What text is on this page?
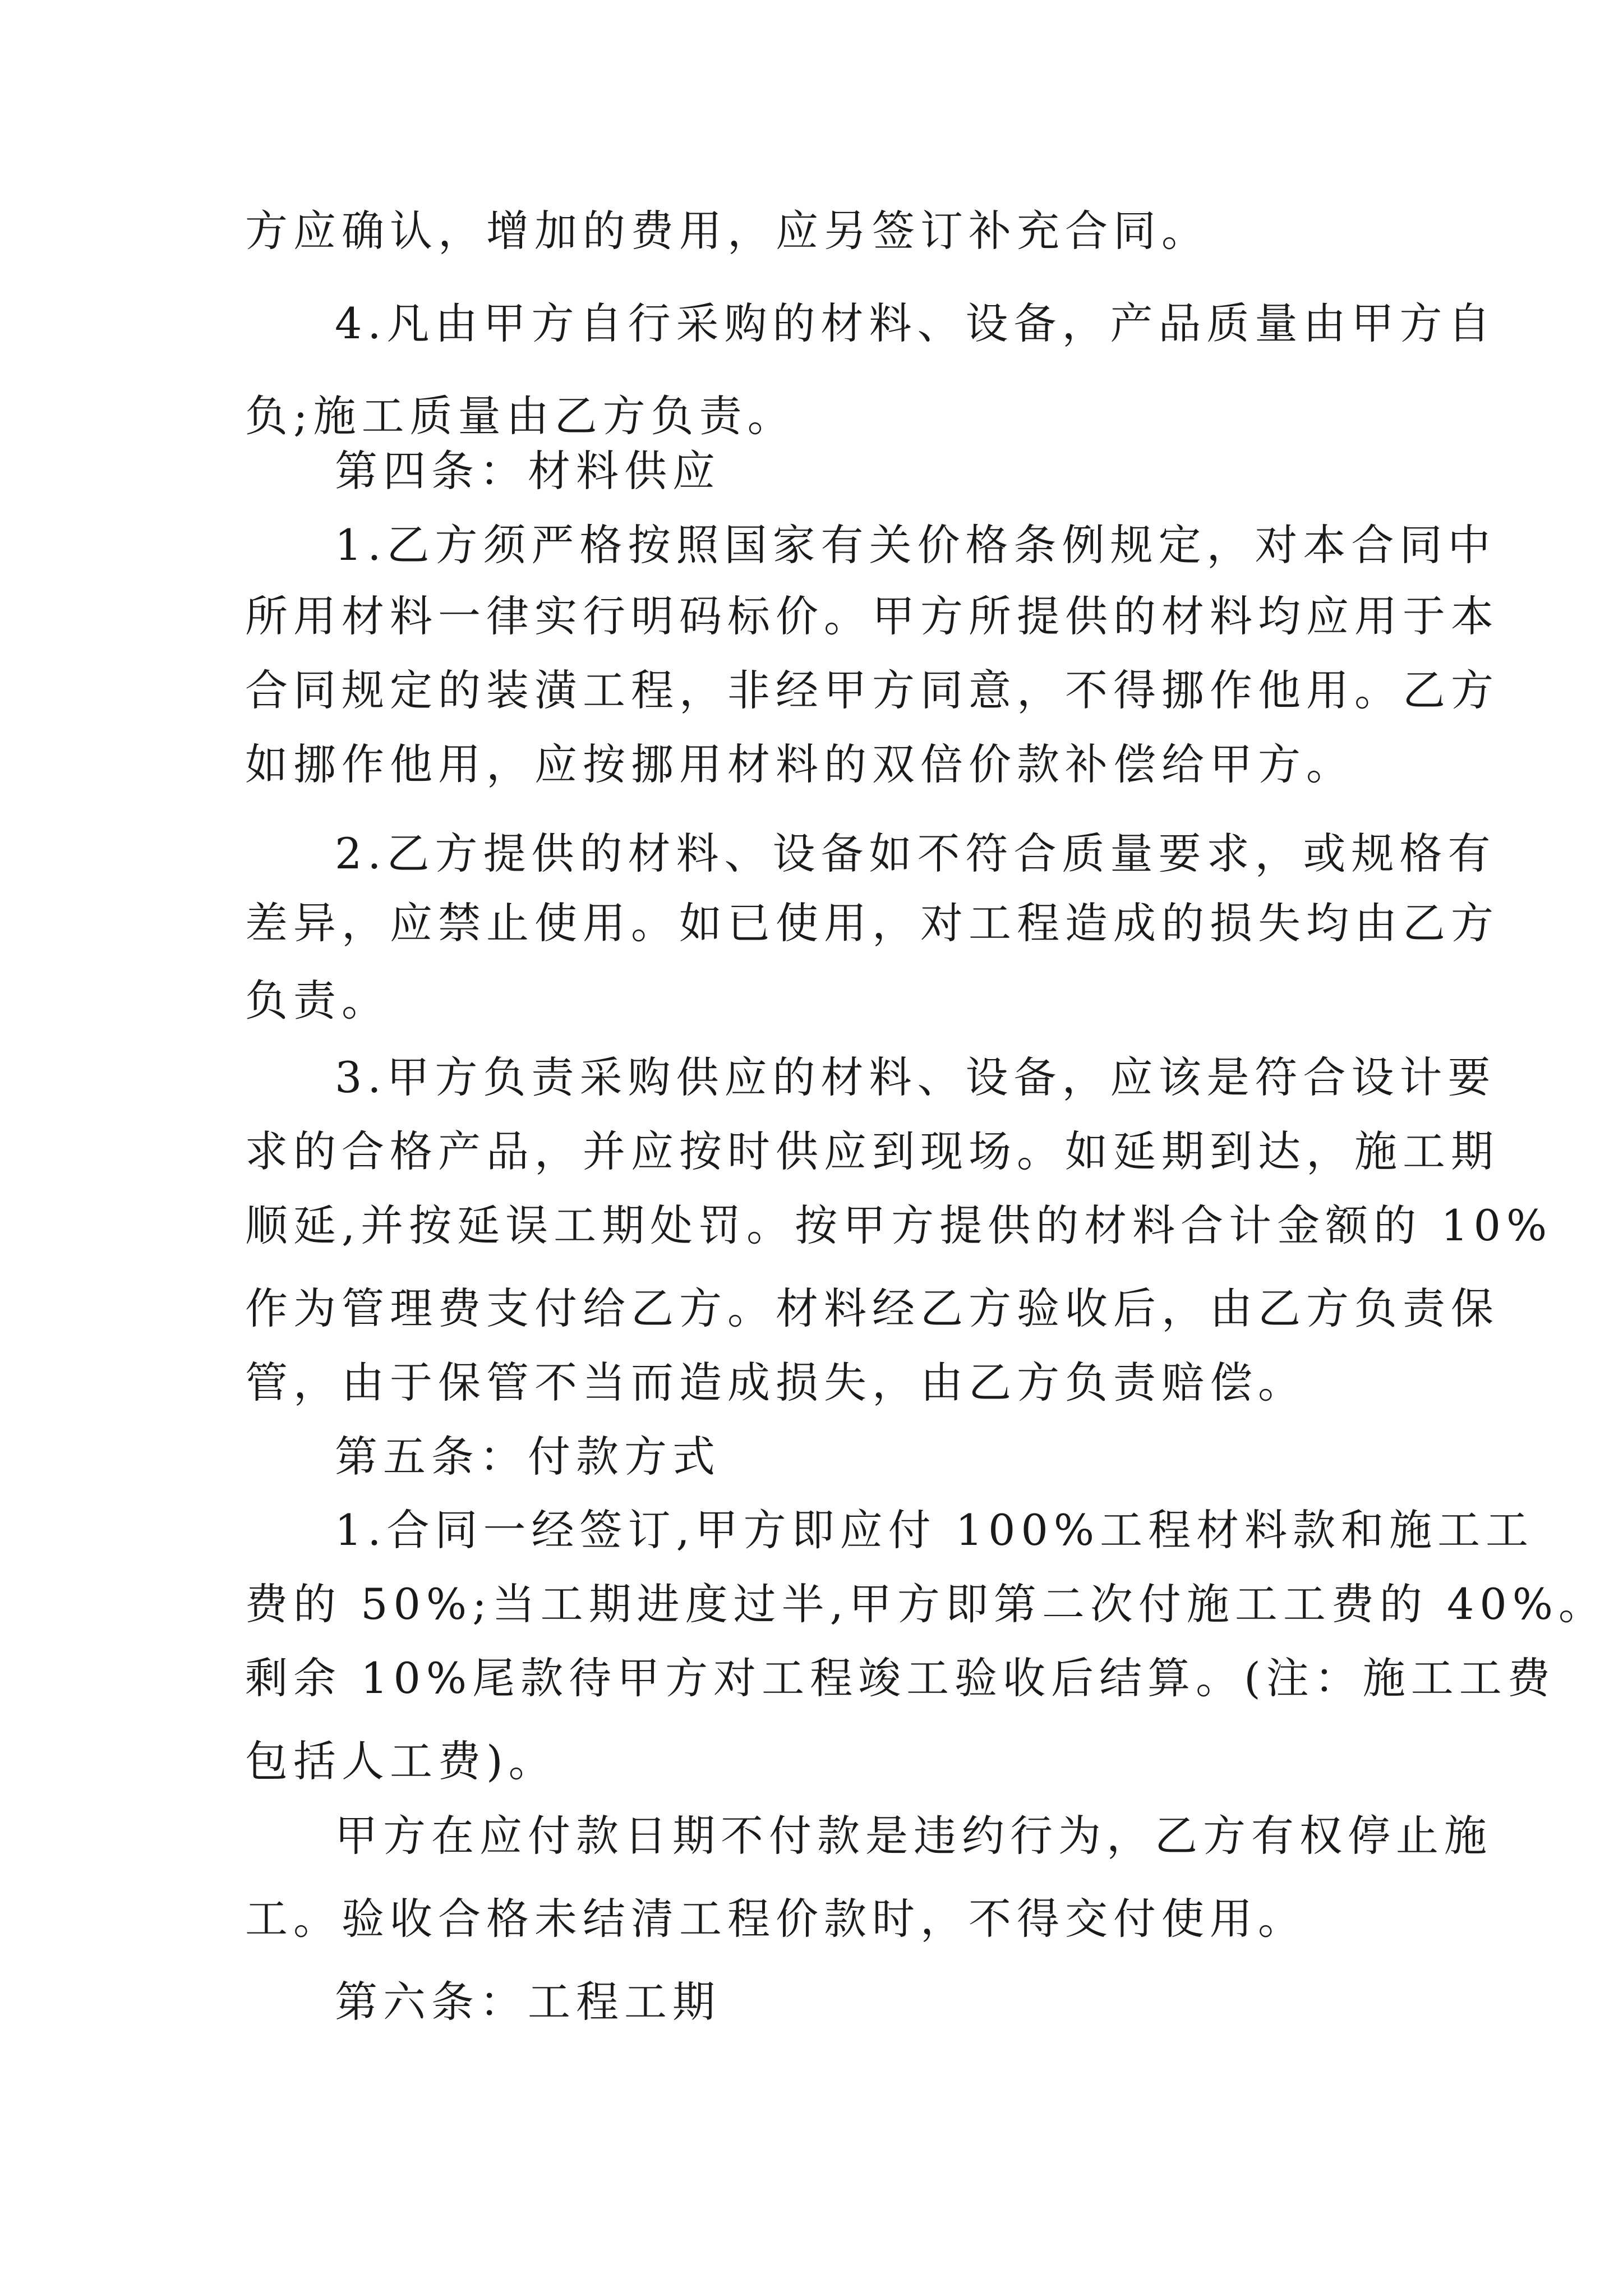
方应确认，增加的费用，应另签订补充合同。
4.凡由甲方自行采购的材料、设备，产品质量由甲方自
负;施工质量由乙方负责。
第四条：材料供应
1.乙方须严格按照国家有关价格条例规定，对本合同中
所用材料一律实行明码标价。甲方所提供的材料均应用于本
合同规定的装潢工程，非经甲方同意，不得挪作他用。乙方
如挪作他用，应按挪用材料的双倍价款补偿给甲方。
2.乙方提供的材料、设备如不符合质量要求，或规格有
差异，应禁止使用。如已使用，对工程造成的损失均由乙方
负责。
3.甲方负责采购供应的材料、设备，应该是符合设计要
求的合格产品，并应按时供应到现场。如延期到达，施工期
顺延,并按延误工期处罚。按甲方提供的材料合计金额的 10%
作为管理费支付给乙方。材料经乙方验收后，由乙方负责保
管，由于保管不当而造成损失，由乙方负责赔偿。
第五条：付款方式
1.合同一经签订,甲方即应付 100%工程材料款和施工工
费的 50%;当工期进度过半,甲方即第二次付施工工费的 40%。
剩余 10%尾款待甲方对工程竣工验收后结算。(注：施工工费
包括人工费)。
甲方在应付款日期不付款是违约行为，乙方有权停止施
工。验收合格未结清工程价款时，不得交付使用。
第六条：工程工期
